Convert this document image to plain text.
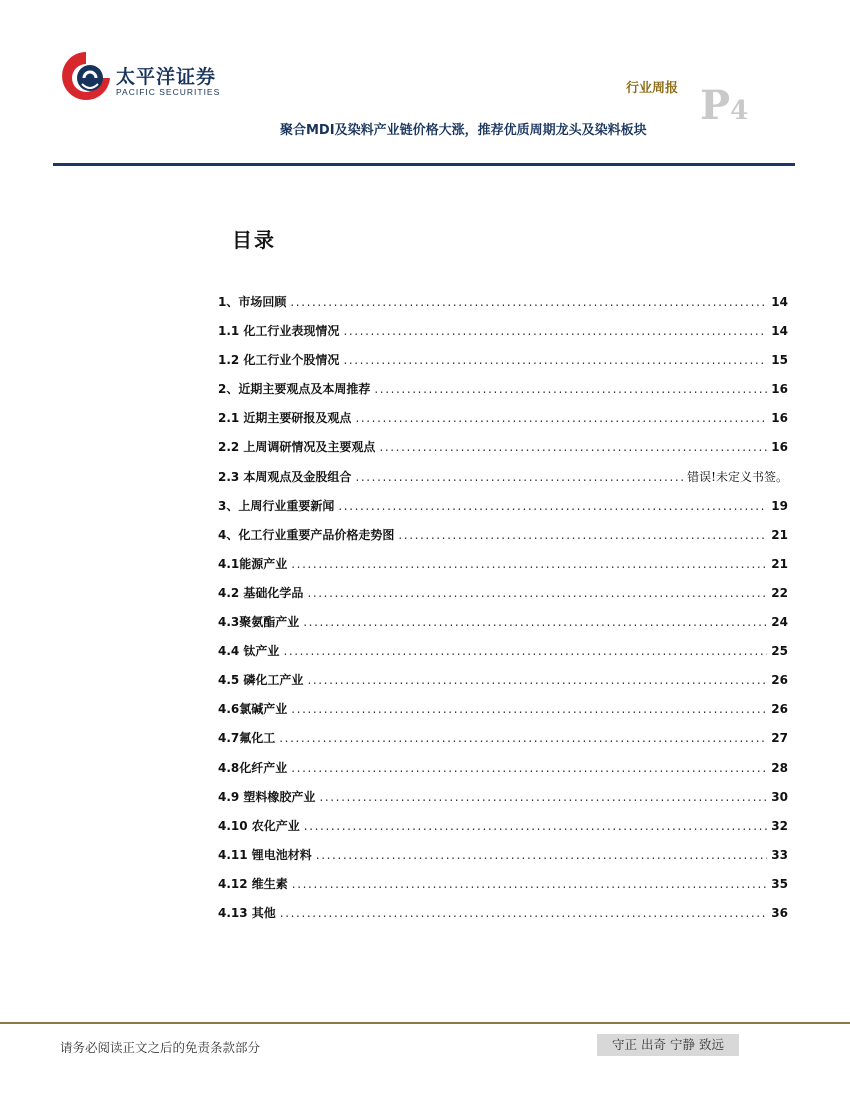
太平洋证券
PACIFIC SECURITIES	行业周报 P4
聚合MDI及染料产业链价格大涨，推荐优质周期龙头及染料板块
目录
1、市场回顾 .....	14
1.1 化工行业表现情况 .....	14
1.2 化工行业个股情况 .....	15
2、近期主要观点及本周推荐 .....	16
2.1 近期主要研报及观点 .....	16
2.2 上周调研情况及主要观点 .....	16
2.3 本周观点及金股组合 .....	错误!未定义书签。
3、上周行业重要新闻 .....	19
4、化工行业重要产品价格走势图 .....	21
4.1能源产业 .....	21
4.2 基础化学品 .....	22
4.3聚氨酯产业 .....	24
4.4 钛产业 .....	25
4.5 磷化工产业 .....	26
4.6氯碱产业 .....	26
4.7氟化工 .....	27
4.8化纤产业 .....	28
4.9 塑料橡胶产业 .....	30
4.10 农化产业 .....	32
4.11 锂电池材料 .....	33
4.12 维生素 .....	35
4.13 其他 .....	36
请务必阅读正文之后的免责条款部分	守正 出奇 宁静 致远
